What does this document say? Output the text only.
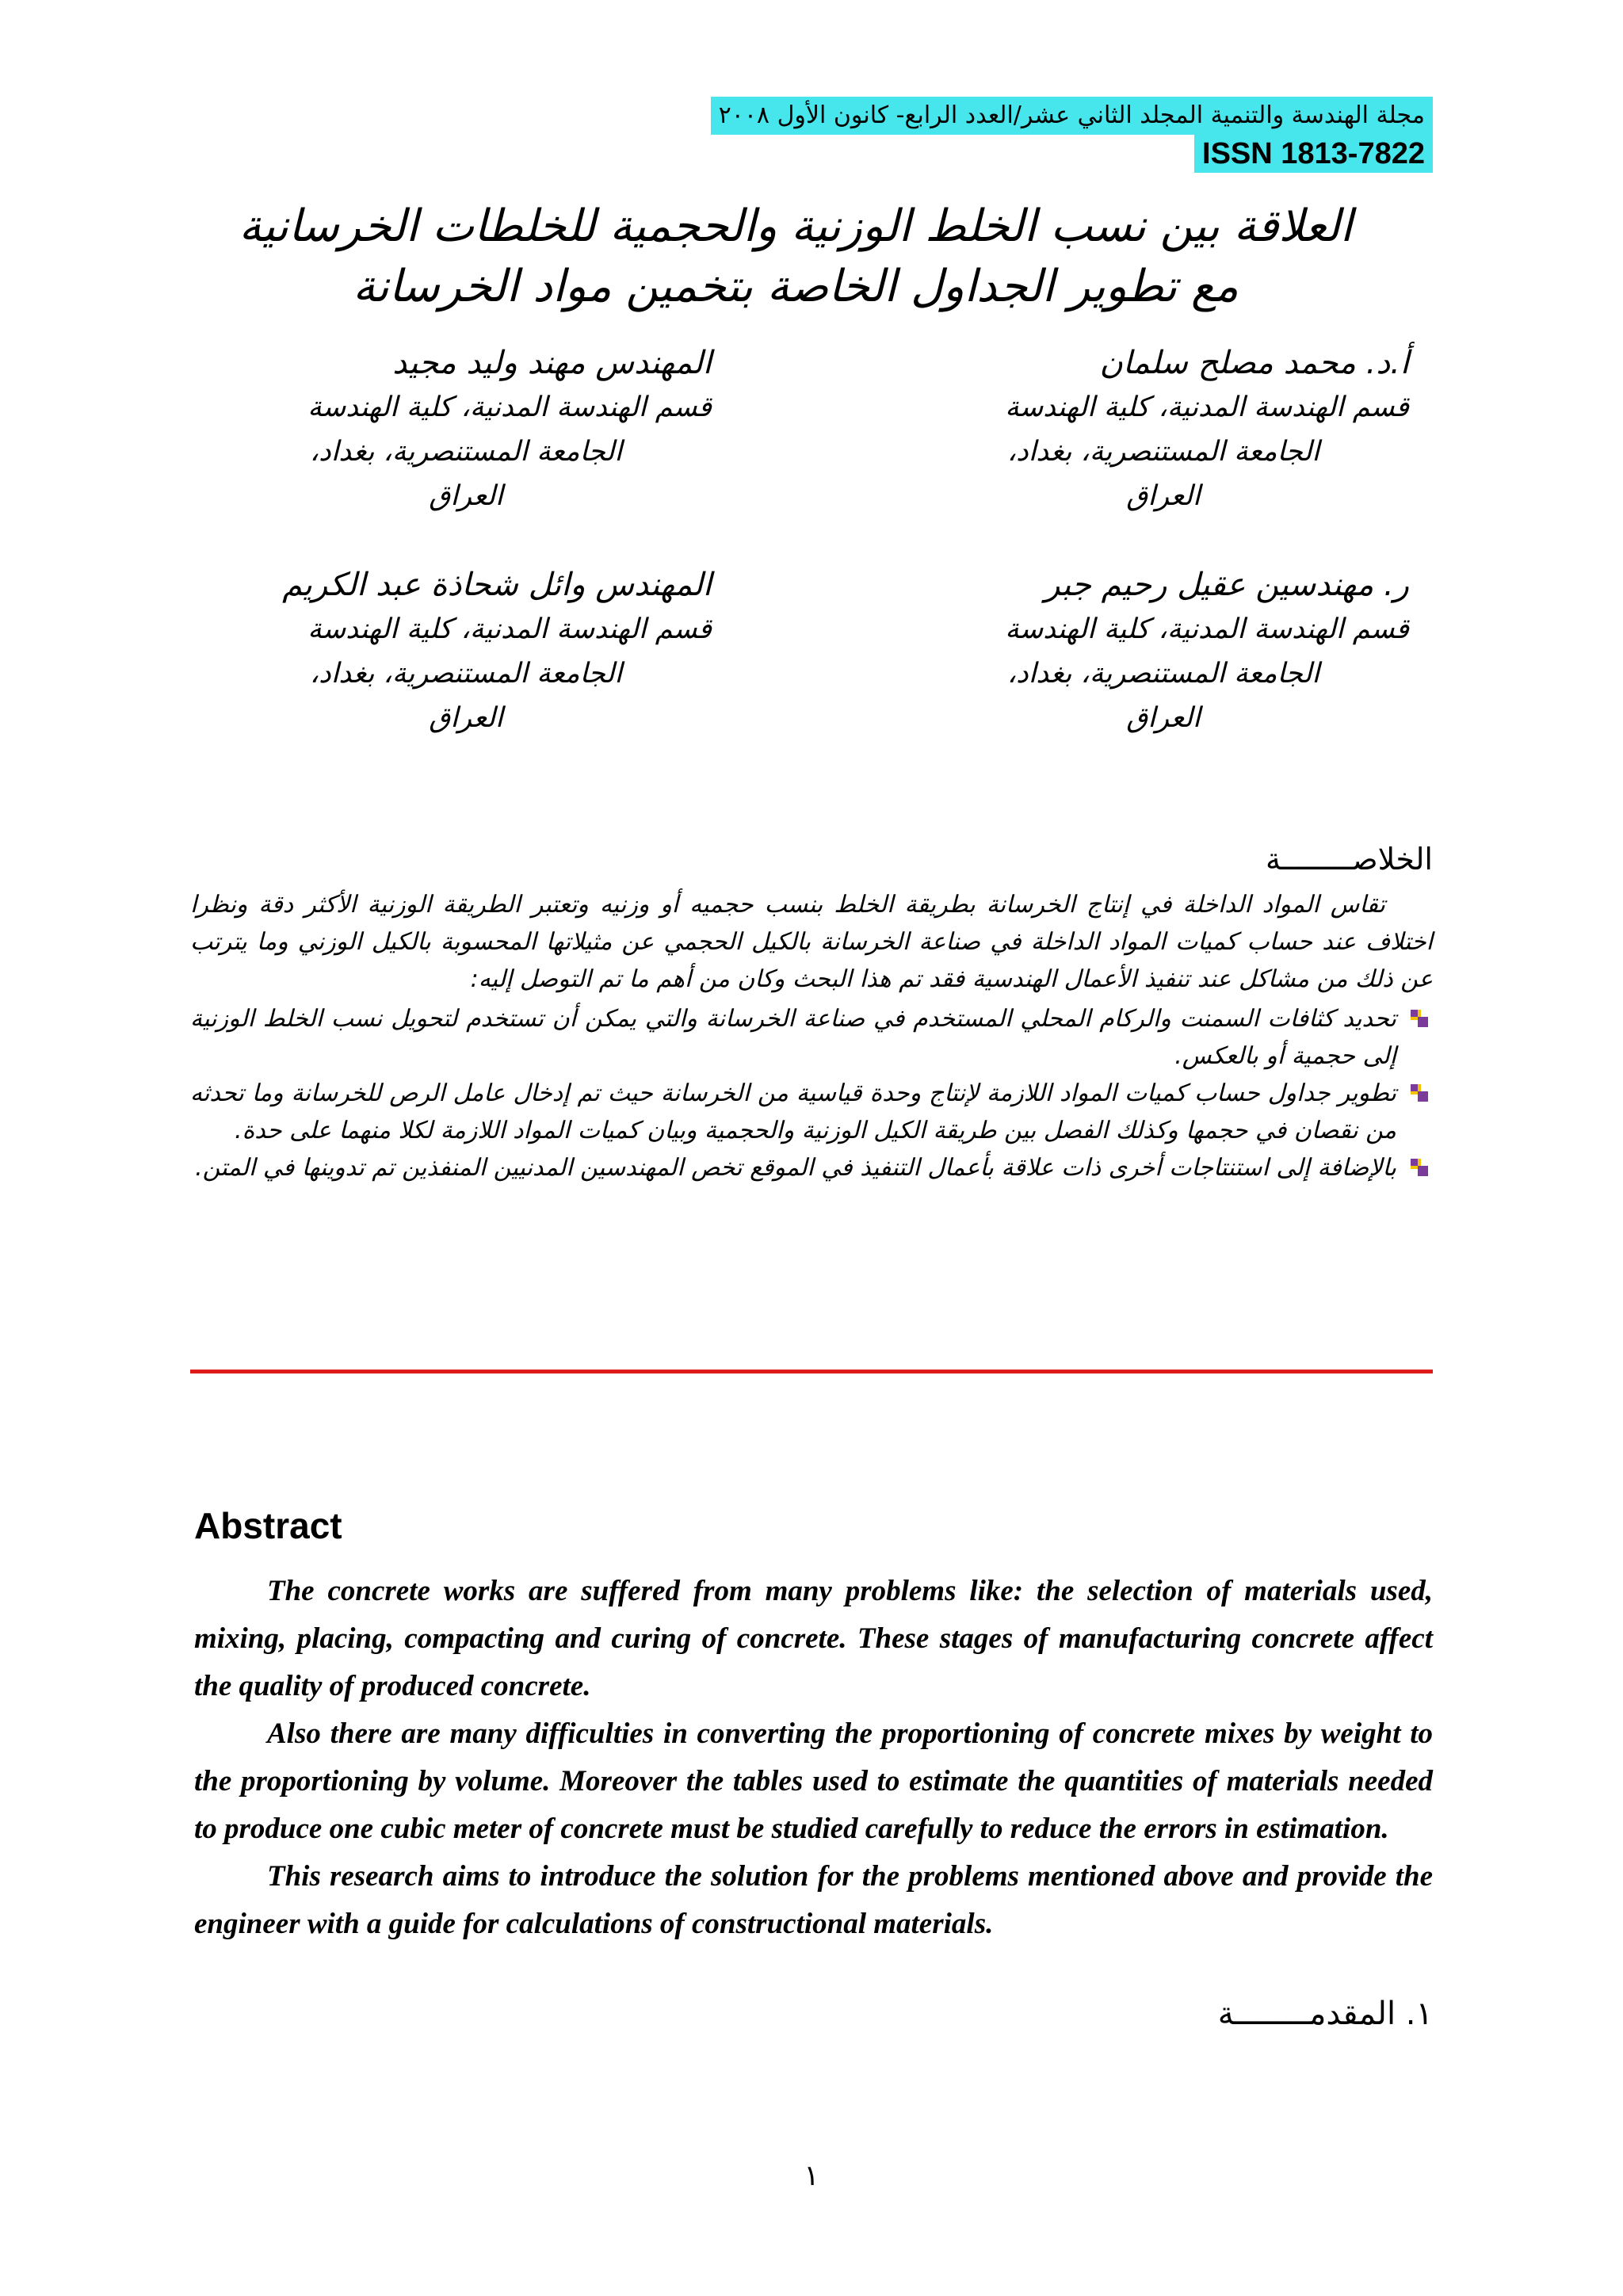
مجلة الهندسة والتنمية المجلد الثاني عشر/العدد الرابع- كانون الأول ٢٠٠٨
ISSN 1813-7822
العلاقة بين نسب الخلط الوزنية والحجمية للخلطات الخرسانية
مع تطوير الجداول الخاصة بتخمين مواد الخرسانة
أ.د. محمد مصلح سلمان
قسم الهندسة المدنية، كلية الهندسة
الجامعة المستنصرية، بغداد،
العراق
المهندس مهند وليد مجيد
قسم الهندسة المدنية، كلية الهندسة
الجامعة المستنصرية، بغداد،
العراق
ر. مهندسين عقيل رحيم جبر
قسم الهندسة المدنية، كلية الهندسة
الجامعة المستنصرية، بغداد،
العراق
المهندس وائل شحاذة عبد الكريم
قسم الهندسة المدنية، كلية الهندسة
الجامعة المستنصرية، بغداد،
العراق
الخلاصــــــــة

تقاس المواد الداخلة في إنتاج الخرسانة بطريقة الخلط بنسب حجميه أو وزنيه وتعتبر الطريقة الوزنية الأكثر دقة ونظرا اختلاف عند حساب كميات المواد الداخلة في صناعة الخرسانة بالكيل الحجمي عن مثيلاتها المحسوبة بالكيل الوزني وما يترتب عن ذلك من مشاكل عند تنفيذ الأعمال الهندسية فقد تم هذا البحث وكان من أهم ما تم التوصل إليه:

تحديد كثافات السمنت والركام المحلي المستخدم في صناعة الخرسانة والتي يمكن أن تستخدم لتحويل نسب الخلط الوزنية إلى حجمية أو بالعكس.
تطوير جداول حساب كميات المواد اللازمة لإنتاج وحدة قياسية من الخرسانة حيث تم إدخال عامل الرص للخرسانة وما تحدثه من نقصان في حجمها وكذلك الفصل بين طريقة الكيل الوزنية والحجمية وبيان كميات المواد اللازمة لكلا منهما على حدة.
بالإضافة إلى استنتاجات أخرى ذات علاقة بأعمال التنفيذ في الموقع تخص المهندسين المدنيين المنفذين تم تدوينها في المتن.
Abstract

The concrete works are suffered from many problems like: the selection of materials used, mixing, placing, compacting and curing of concrete. These stages of manufacturing concrete affect the quality of produced concrete.

Also there are many difficulties in converting the proportioning of concrete mixes by weight to the proportioning by volume. Moreover the tables used to estimate the quantities of materials needed to produce one cubic meter of concrete must be studied carefully to reduce the errors in estimation.

This research aims to introduce the solution for the problems mentioned above and provide the engineer with a guide for calculations of constructional materials.

١. المقدمــــــــة
١
